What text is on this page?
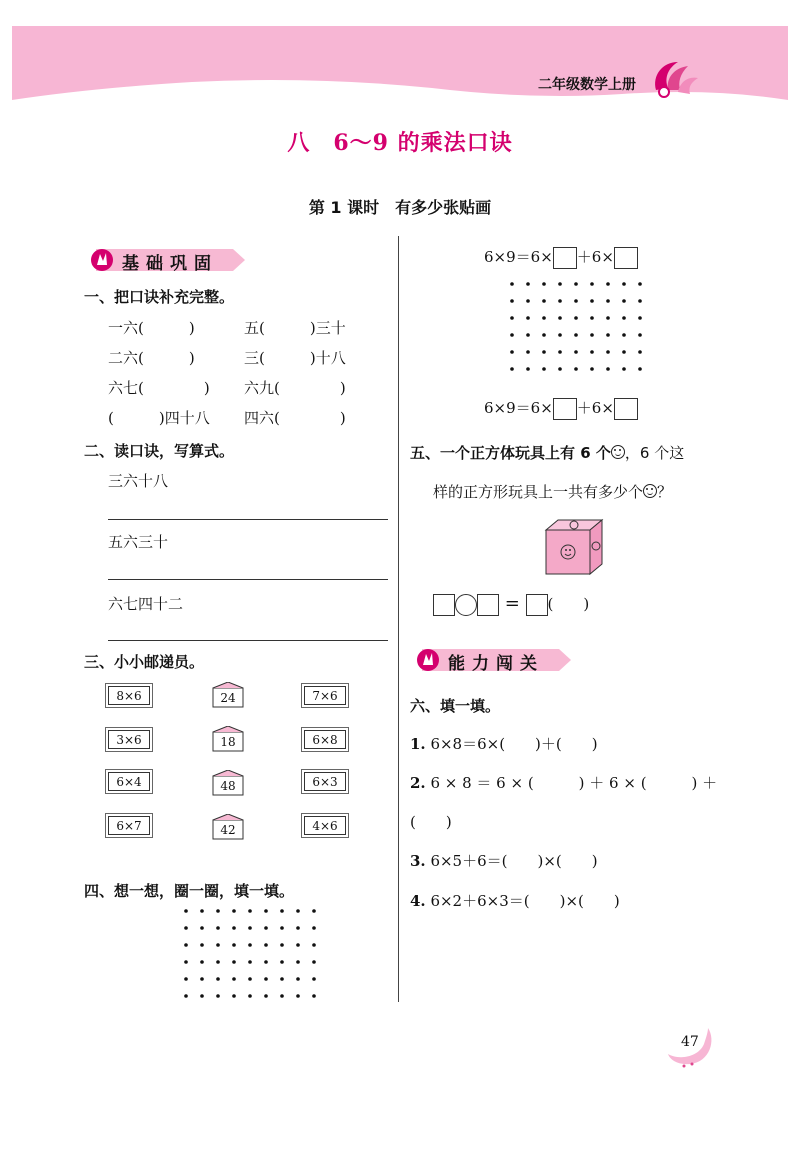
二年级数学上册
八　6～9 的乘法口诀
第 1 课时　有多少张贴画
基础巩固
一、把口诀补充完整。
一六(　　　)	五(　　　)三十
二六(　　　)	三(　　　)十八
六七(　　　　) 六九(　　　　)
(　　　)四十八 四六(　　　　)
二、读口诀，写算式。
三六十八
五六三十
六七四十二
三、小小邮递员。
8×6
3×6
6×4
6×7
7×6
6×8
6×3
4×6
24
18
48
42
四、想一想，圈一圈，填一填。
6×9＝6× ＋6×
6×9＝6× ＋6×
五、一个正方体玩具上有 6 个 ，6 个这
样的正方形玩具上一共有多少个 ？
= (　　)
能力闯关
六、填一填。
1. 6×8＝6×(　　)＋(　　)
2. 6 × 8 ＝ 6 × (　　　) ＋ 6 × (　　　) ＋
(　　)
3. 6×5＋6＝(　　)×(　　)
4. 6×2＋6×3＝(　　)×(　　)
47
